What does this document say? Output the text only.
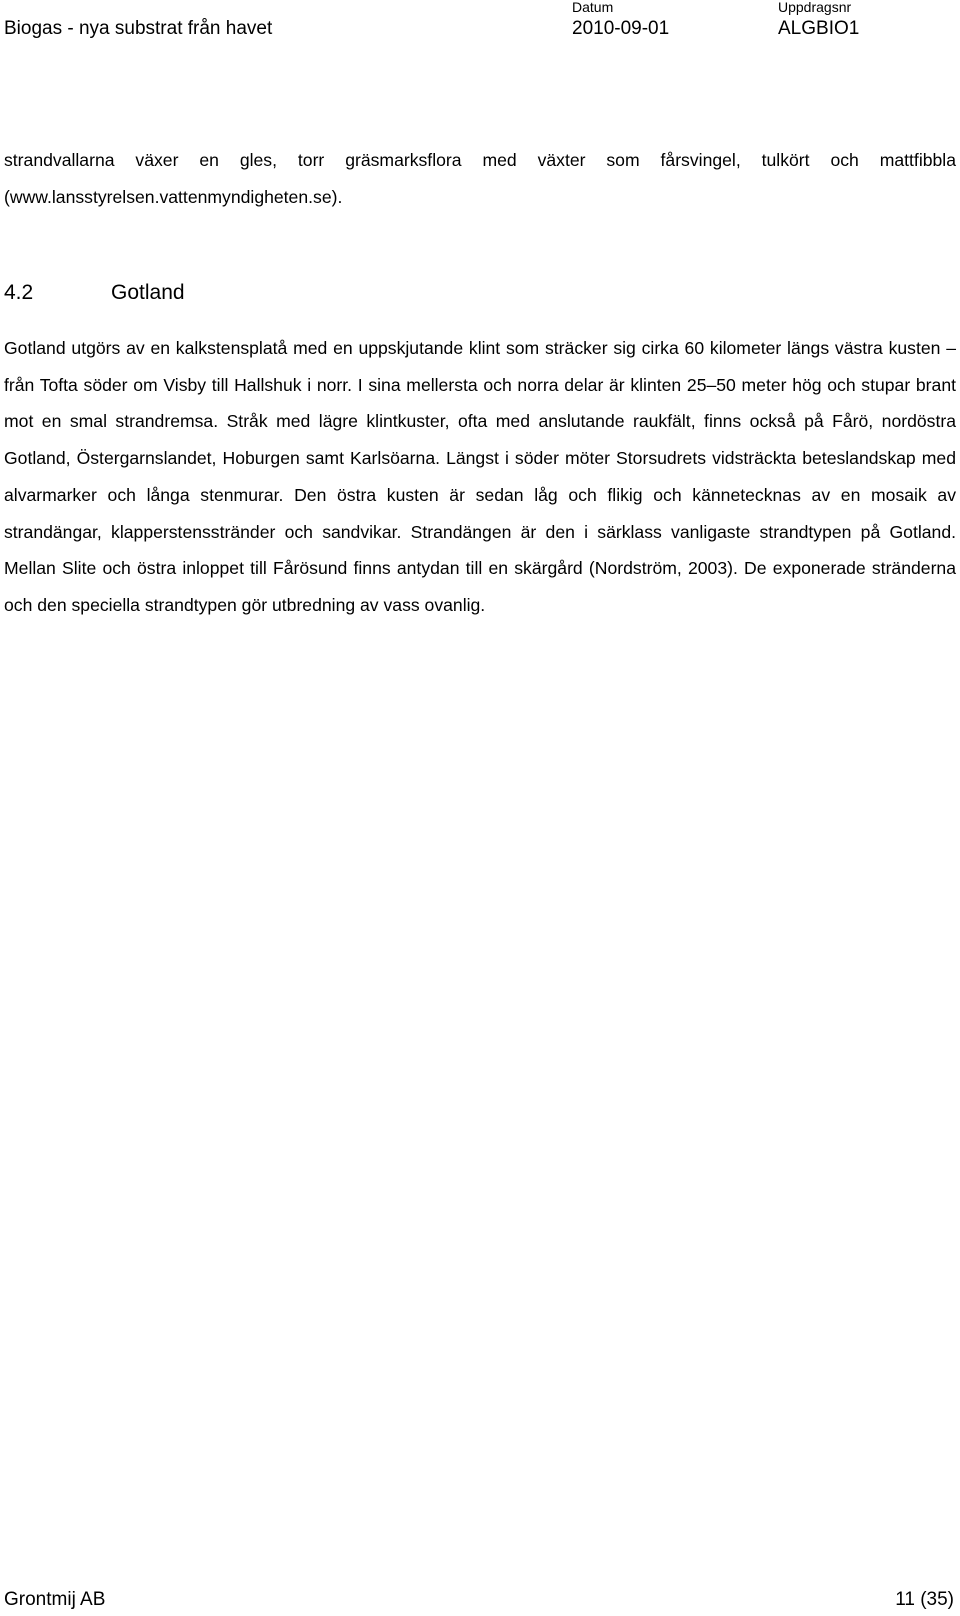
Biogas - nya substrat från havet
Datum
2010-09-01
Uppdragsnr
ALGBIO1

strandvallarna växer en gles, torr gräsmarksflora med växter som fårsvingel, tulkört och mattfibbla (www.lansstyrelsen.vattenmyndigheten.se).

4.2	Gotland

Gotland utgörs av en kalkstensplatå med en uppskjutande klint som sträcker sig cirka 60 kilometer längs västra kusten – från Tofta söder om Visby till Hallshuk i norr. I sina mellersta och norra delar är klinten 25–50 meter hög och stupar brant mot en smal strandremsa. Stråk med lägre klintkuster, ofta med anslutande raukfält, finns också på Fårö, nordöstra Gotland, Östergarnslandet, Hoburgen samt Karlsöarna. Längst i söder möter Storsudrets vidsträckta beteslandskap med alvarmarker och långa stenmurar. Den östra kusten är sedan låg och flikig och kännetecknas av en mosaik av strandängar, klapperstensstränder och sandvikar. Strandängen är den i särklass vanligaste strandtypen på Gotland. Mellan Slite och östra inloppet till Fårösund finns antydan till en skärgård (Nordström, 2003). De exponerade stränderna och den speciella strandtypen gör utbredning av vass ovanlig.

Grontmij AB	11 (35)
